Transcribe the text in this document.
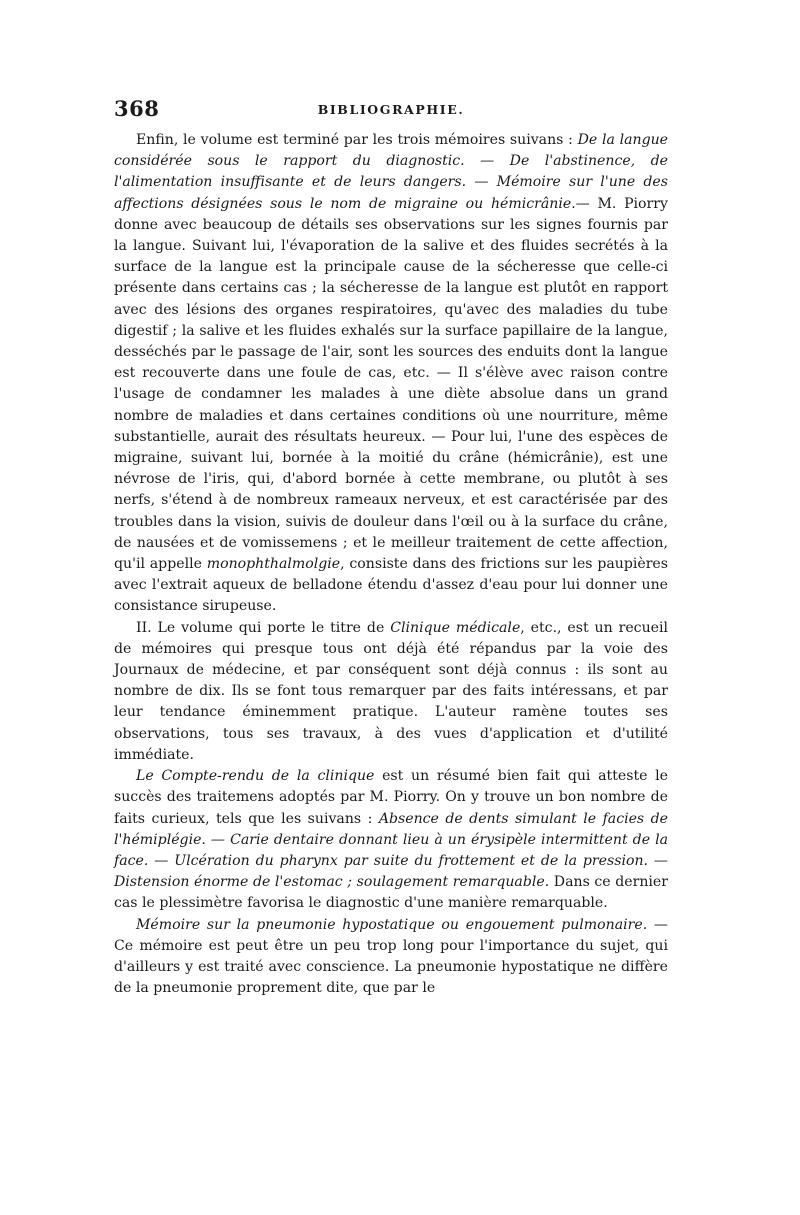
368	BIBLIOGRAPHIE.

Enfin, le volume est terminé par les trois mémoires suivans : De la langue considérée sous le rapport du diagnostic. — De l'abstinence, de l'alimentation insuffisante et de leurs dangers. — Mémoire sur l'une des affections désignées sous le nom de migraine ou hémicrânie.— M. Piorry donne avec beaucoup de détails ses observations sur les signes fournis par la langue. Suivant lui, l'évaporation de la salive et des fluides secrétés à la surface de la langue est la principale cause de la sécheresse que celle-ci présente dans certains cas ; la sécheresse de la langue est plutôt en rapport avec des lésions des organes respiratoires, qu'avec des maladies du tube digestif ; la salive et les fluides exhalés sur la surface papillaire de la langue, desséchés par le passage de l'air, sont les sources des enduits dont la langue est recouverte dans une foule de cas, etc. — Il s'élève avec raison contre l'usage de condamner les malades à une diète absolue dans un grand nombre de maladies et dans certaines conditions où une nourriture, même substantielle, aurait des résultats heureux. — Pour lui, l'une des espèces de migraine, suivant lui, bornée à la moitié du crâne (hémicrânie), est une névrose de l'iris, qui, d'abord bornée à cette membrane, ou plutôt à ses nerfs, s'étend à de nombreux rameaux nerveux, et est caractérisée par des troubles dans la vision, suivis de douleur dans l'œil ou à la surface du crâne, de nausées et de vomissemens ; et le meilleur traitement de cette affection, qu'il appelle monophthalmolgie, consiste dans des frictions sur les paupières avec l'extrait aqueux de belladone étendu d'assez d'eau pour lui donner une consistance sirupeuse.

II. Le volume qui porte le titre de Clinique médicale, etc., est un recueil de mémoires qui presque tous ont déjà été répandus par la voie des Journaux de médecine, et par conséquent sont déjà connus : ils sont au nombre de dix. Ils se font tous remarquer par des faits intéressans, et par leur tendance éminemment pratique. L'auteur ramène toutes ses observations, tous ses travaux, à des vues d'application et d'utilité immédiate.

Le Compte-rendu de la clinique est un résumé bien fait qui atteste le succès des traitemens adoptés par M. Piorry. On y trouve un bon nombre de faits curieux, tels que les suivans : Absence de dents simulant le facies de l'hémiplégie. — Carie dentaire donnant lieu à un érysipèle intermittent de la face. — Ulcération du pharynx par suite du frottement et de la pression. — Distension énorme de l'estomac ; soulagement remarquable. Dans ce dernier cas le plessimètre favorisa le diagnostic d'une manière remarquable.

Mémoire sur la pneumonie hypostatique ou engouement pulmonaire. — Ce mémoire est peut être un peu trop long pour l'importance du sujet, qui d'ailleurs y est traité avec conscience. La pneumonie hypostatique ne diffère de la pneumonie proprement dite, que par le
